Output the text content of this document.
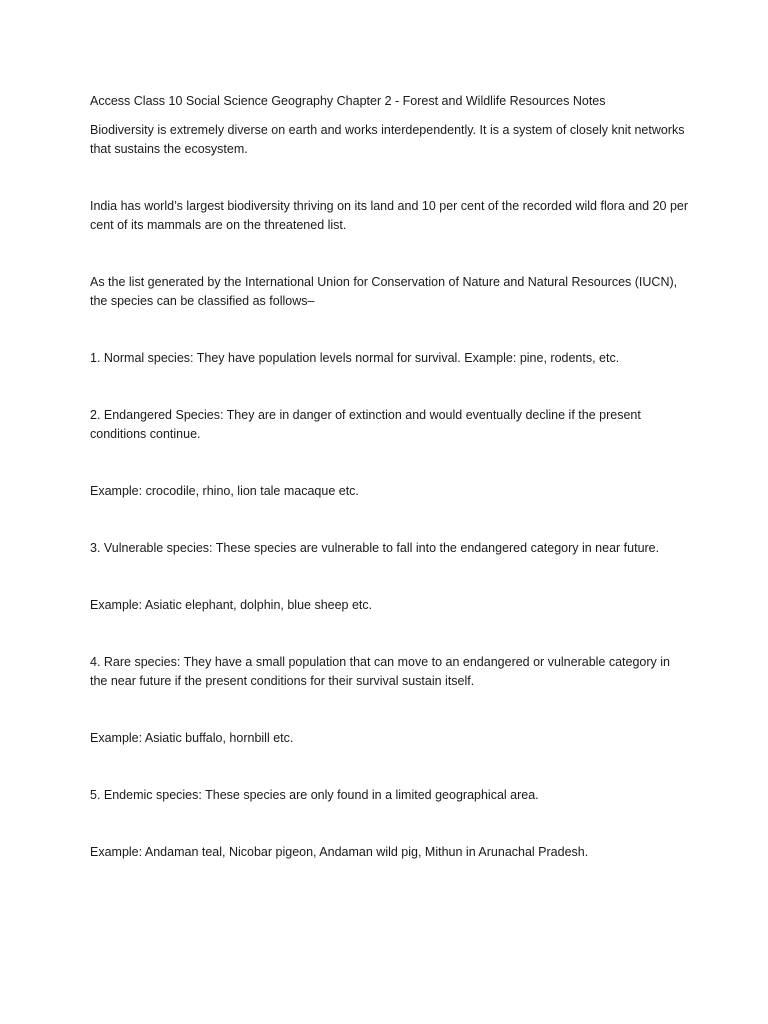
Access Class 10 Social Science Geography Chapter 2 - Forest and Wildlife Resources Notes

Biodiversity is extremely diverse on earth and works interdependently. It is a system of closely knit networks that sustains the ecosystem.

India has world’s largest biodiversity thriving on its land and 10 per cent of the recorded wild flora and 20 per cent of its mammals are on the threatened list.

As the list generated by the International Union for Conservation of Nature and Natural Resources (IUCN), the species can be classified as follows–

1. Normal species: They have population levels normal for survival. Example: pine, rodents, etc.

2. Endangered Species: They are in danger of extinction and would eventually decline if the present conditions continue.

Example: crocodile, rhino, lion tale macaque etc.

3. Vulnerable species: These species are vulnerable to fall into the endangered category in near future.

Example: Asiatic elephant, dolphin, blue sheep etc.

4. Rare species: They have a small population that can move to an endangered or vulnerable category in the near future if the present conditions for their survival sustain itself.

Example: Asiatic buffalo, hornbill etc.

5. Endemic species: These species are only found in a limited geographical area.

Example: Andaman teal, Nicobar pigeon, Andaman wild pig, Mithun in Arunachal Pradesh.
